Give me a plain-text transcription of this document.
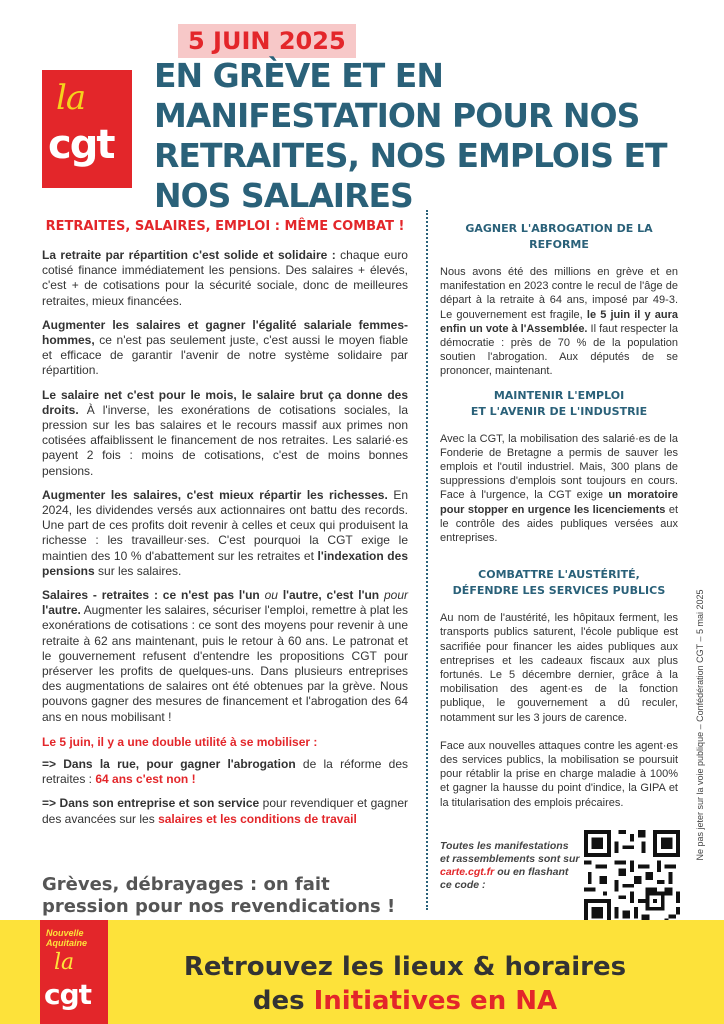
5 JUIN 2025
la
cgt
EN GRÈVE ET EN MANIFESTATION POUR NOS RETRAITES, NOS EMPLOIS ET NOS SALAIRES
RETRAITES, SALAIRES, EMPLOI : MÊME COMBAT !

La retraite par répartition c'est solide et solidaire : chaque euro cotisé finance immédiatement les pensions. Des salaires + élevés, c'est + de cotisations pour la sécurité sociale, donc de meilleures retraites, mieux financées.

Augmenter les salaires et gagner l'égalité salariale femmes-hommes, ce n'est pas seulement juste, c'est aussi le moyen fiable et efficace de garantir l'avenir de notre système solidaire par répartition.

Le salaire net c'est pour le mois, le salaire brut ça donne des droits. À l'inverse, les exonérations de cotisations sociales, la pression sur les bas salaires et le recours massif aux primes non cotisées affaiblissent le financement de nos retraites. Les salarié·es payent 2 fois : moins de cotisations, c'est de moins bonnes pensions.

Augmenter les salaires, c'est mieux répartir les richesses. En 2024, les dividendes versés aux actionnaires ont battu des records. Une part de ces profits doit revenir à celles et ceux qui produisent la richesse : les travailleur·ses. C'est pourquoi la CGT exige le maintien des 10 % d'abattement sur les retraites et l'indexation des pensions sur les salaires.

Salaires - retraites : ce n'est pas l'un ou l'autre, c'est l'un pour l'autre. Augmenter les salaires, sécuriser l'emploi, remettre à plat les exonérations de cotisations : ce sont des moyens pour revenir à une retraite à 62 ans maintenant, puis le retour à 60 ans. Le patronat et le gouvernement refusent d'entendre les propositions CGT pour préserver les profits de quelques-uns. Dans plusieurs entreprises des augmentations de salaires ont été obtenues par la grève. Nous pouvons gagner des mesures de financement et l'abrogation des 64 ans en nous mobilisant !

Le 5 juin, il y a une double utilité à se mobiliser :

=> Dans la rue, pour gagner l'abrogation de la réforme des retraites : 64 ans c'est non !

=> Dans son entreprise et son service pour revendiquer et gagner des avancées sur les salaires et les conditions de travail

Grèves, débrayages : on fait pression pour nos revendications !
GAGNER L'ABROGATION DE LA REFORME

Nous avons été des millions en grève et en manifestation en 2023 contre le recul de l'âge de départ à la retraite à 64 ans, imposé par 49-3. Le gouvernement est fragile, le 5 juin il y aura enfin un vote à l'Assemblée. Il faut respecter la démocratie : près de 70 % de la population soutien l'abrogation. Aux députés de se prononcer, maintenant.

MAINTENIR L'EMPLOI
ET L'AVENIR DE L'INDUSTRIE

Avec la CGT, la mobilisation des salarié·es de la Fonderie de Bretagne a permis de sauver les emplois et l'outil industriel. Mais, 300 plans de suppressions d'emplois sont toujours en cours. Face à l'urgence, la CGT exige un moratoire pour stopper en urgence les licenciements et le contrôle des aides publiques versées aux entreprises.

COMBATTRE L'AUSTÉRITÉ,
DÉFENDRE LES SERVICES PUBLICS

Au nom de l'austérité, les hôpitaux ferment, les transports publics saturent, l'école publique est sacrifiée pour financer les aides publiques aux entreprises et les cadeaux fiscaux aux plus fortunés. Le 5 décembre dernier, grâce à la mobilisation des agent·es de la fonction publique, le gouvernement a dû reculer, notamment sur les 3 jours de carence.

Face aux nouvelles attaques contre les agent·es des services publics, la mobilisation se poursuit pour rétablir la prise en charge maladie à 100% et gagner la hausse du point d'indice, la GIPA et la titularisation des emplois précaires.

Toutes les manifestations et rassemblements sont sur carte.cgt.fr ou en flashant ce code :
Ne pas jeter sur la voie publique – Confédération CGT – 5 mai 2025
Nouvelle
Aquitaine
la
cgt
Retrouvez les lieux & horaires
des Initiatives en NA
